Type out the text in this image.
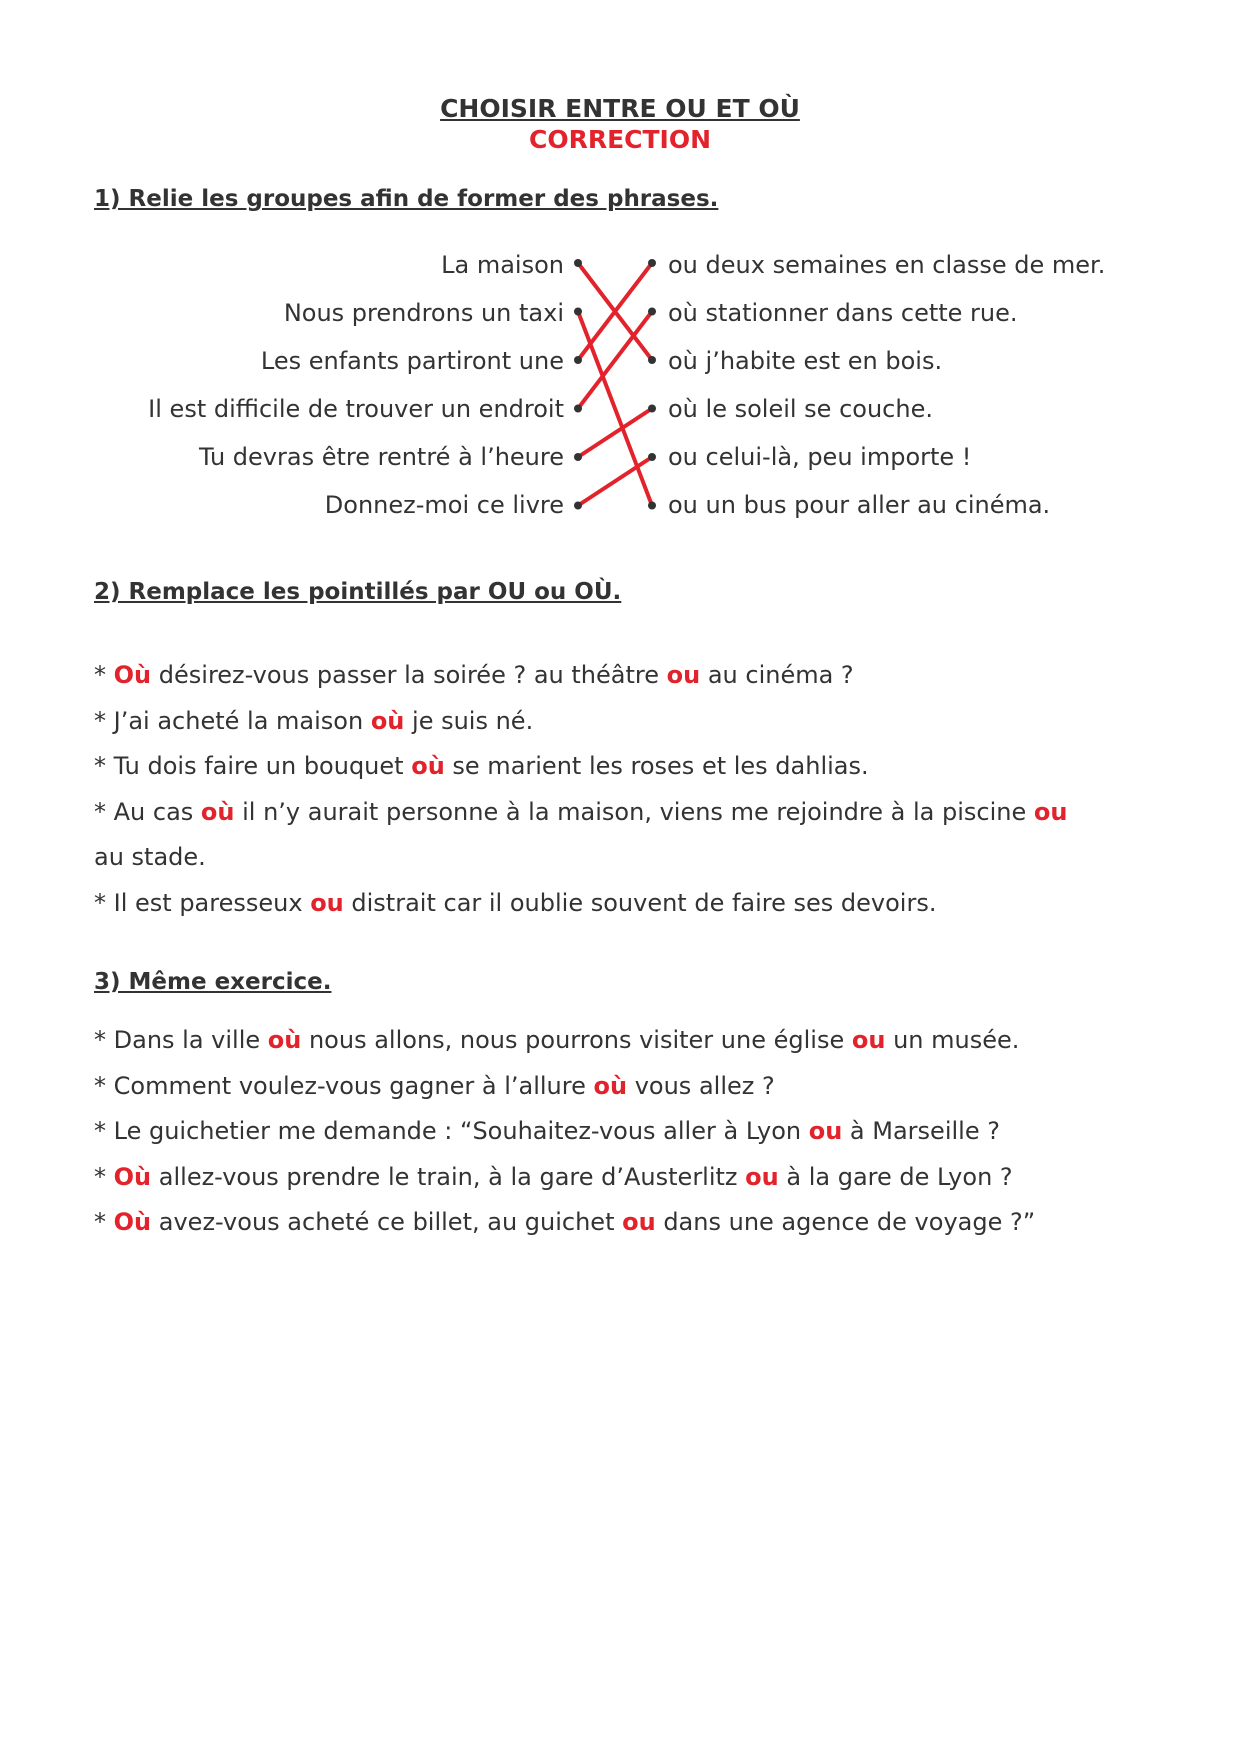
CHOISIR ENTRE OU ET OÙ
CORRECTION
1) Relie les groupes afin de former des phrases.
La maison
Nous prendrons un taxi
Les enfants partiront une
Il est difficile de trouver un endroit
Tu devras être rentré à l’heure
Donnez-moi ce livre
ou deux semaines en classe de mer.
où stationner dans cette rue.
où j’habite est en bois.
où le soleil se couche.
ou celui-là, peu importe !
ou un bus pour aller au cinéma.
2) Remplace les pointillés par OU ou OÙ.
* Où désirez-vous passer la soirée ? au théâtre ou au cinéma ?
* J’ai acheté la maison où je suis né.
* Tu dois faire un bouquet où se marient les roses et les dahlias.
* Au cas où il n’y aurait personne à la maison, viens me rejoindre à la piscine ou
au stade.
* Il est paresseux ou distrait car il oublie souvent de faire ses devoirs.
3) Même exercice.
* Dans la ville où nous allons, nous pourrons visiter une église ou un musée.
* Comment voulez-vous gagner à l’allure où vous allez ?
* Le guichetier me demande : “Souhaitez-vous aller à Lyon ou à Marseille ?
* Où allez-vous prendre le train, à la gare d’Austerlitz ou à la gare de Lyon ?
* Où avez-vous acheté ce billet, au guichet ou dans une agence de voyage ?”
